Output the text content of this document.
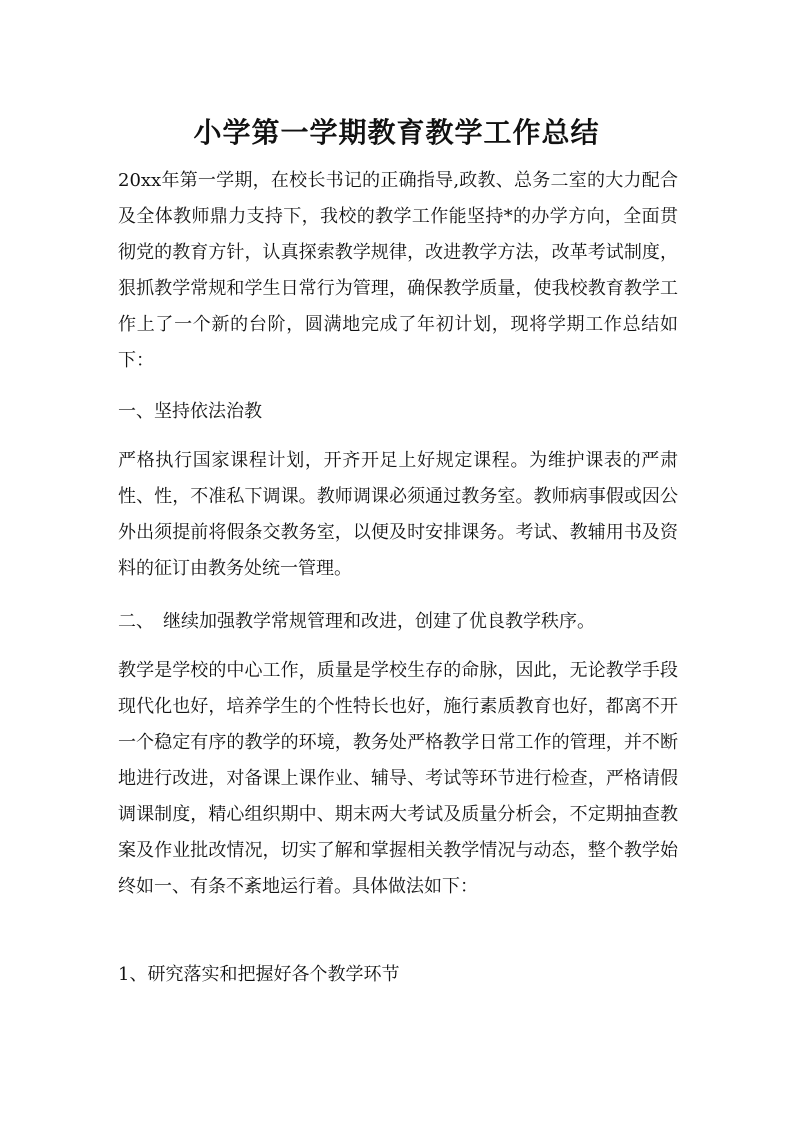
小学第一学期教育教学工作总结

20xx年第一学期，在校长书记的正确指导,政教、总务二室的大力配合及全体教师鼎力支持下，我校的教学工作能坚持*的办学方向，全面贯彻党的教育方针，认真探索教学规律，改进教学方法，改革考试制度，狠抓教学常规和学生日常行为管理，确保教学质量，使我校教育教学工作上了一个新的台阶，圆满地完成了年初计划，现将学期工作总结如下：

一、坚持依法治教

严格执行国家课程计划，开齐开足上好规定课程。为维护课表的严肃性、性，不准私下调课。教师调课必须通过教务室。教师病事假或因公外出须提前将假条交教务室，以便及时安排课务。考试、教辅用书及资料的征订由教务处统一管理。

二、　继续加强教学常规管理和改进，创建了优良教学秩序。

教学是学校的中心工作，质量是学校生存的命脉，因此，无论教学手段现代化也好，培养学生的个性特长也好，施行素质教育也好，都离不开一个稳定有序的教学的环境，教务处严格教学日常工作的管理，并不断地进行改进，对备课上课作业、辅导、考试等环节进行检查，严格请假调课制度，精心组织期中、期末两大考试及质量分析会，不定期抽查教案及作业批改情况，切实了解和掌握相关教学情况与动态，整个教学始终如一、有条不紊地运行着。具体做法如下：

1、研究落实和把握好各个教学环节
